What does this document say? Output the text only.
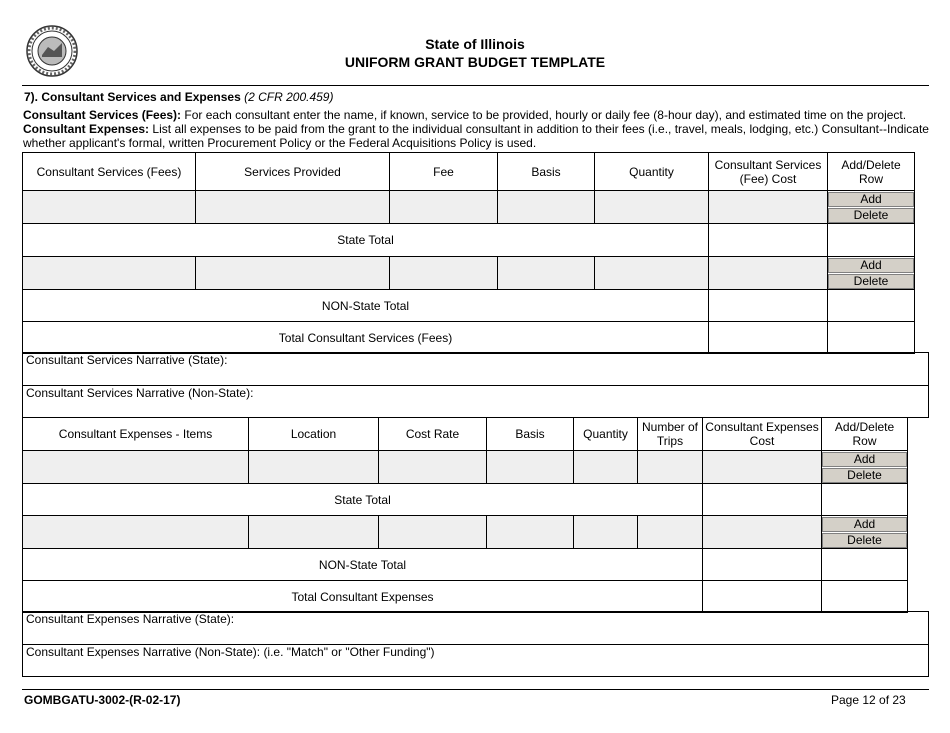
State of Illinois
UNIFORM GRANT BUDGET TEMPLATE
7). Consultant Services and Expenses (2 CFR 200.459)
Consultant Services (Fees): For each consultant enter the name, if known, service to be provided, hourly or daily fee (8-hour day), and estimated time on the project.
Consultant Expenses: List all expenses to be paid from the grant to the individual consultant in addition to their fees (i.e., travel, meals, lodging, etc.) Consultant--Indicate whether applicant's formal, written Procurement Policy or the Federal Acquisitions Policy is used.
Consultant Services (Fees)	Services Provided	Fee	Basis	Quantity	Consultant Services (Fee) Cost	Add/Delete Row

						Add
Delete

State Total						

						Add
Delete

NON-State Total						
Total Consultant Services (Fees)						
Consultant Services Narrative (State):
Consultant Services Narrative (Non-State):
Consultant Expenses - Items	Location	Cost Rate	Basis	Quantity	Number of Trips	Consultant Expenses Cost	Add/Delete Row

							Add
Delete

State Total							

							Add
Delete

NON-State Total							
Total Consultant Expenses							
Consultant Expenses Narrative (State):
Consultant Expenses Narrative (Non-State): (i.e. "Match" or "Other Funding")
GOMBGATU-3002-(R-02-17)	Page 12 of 23
